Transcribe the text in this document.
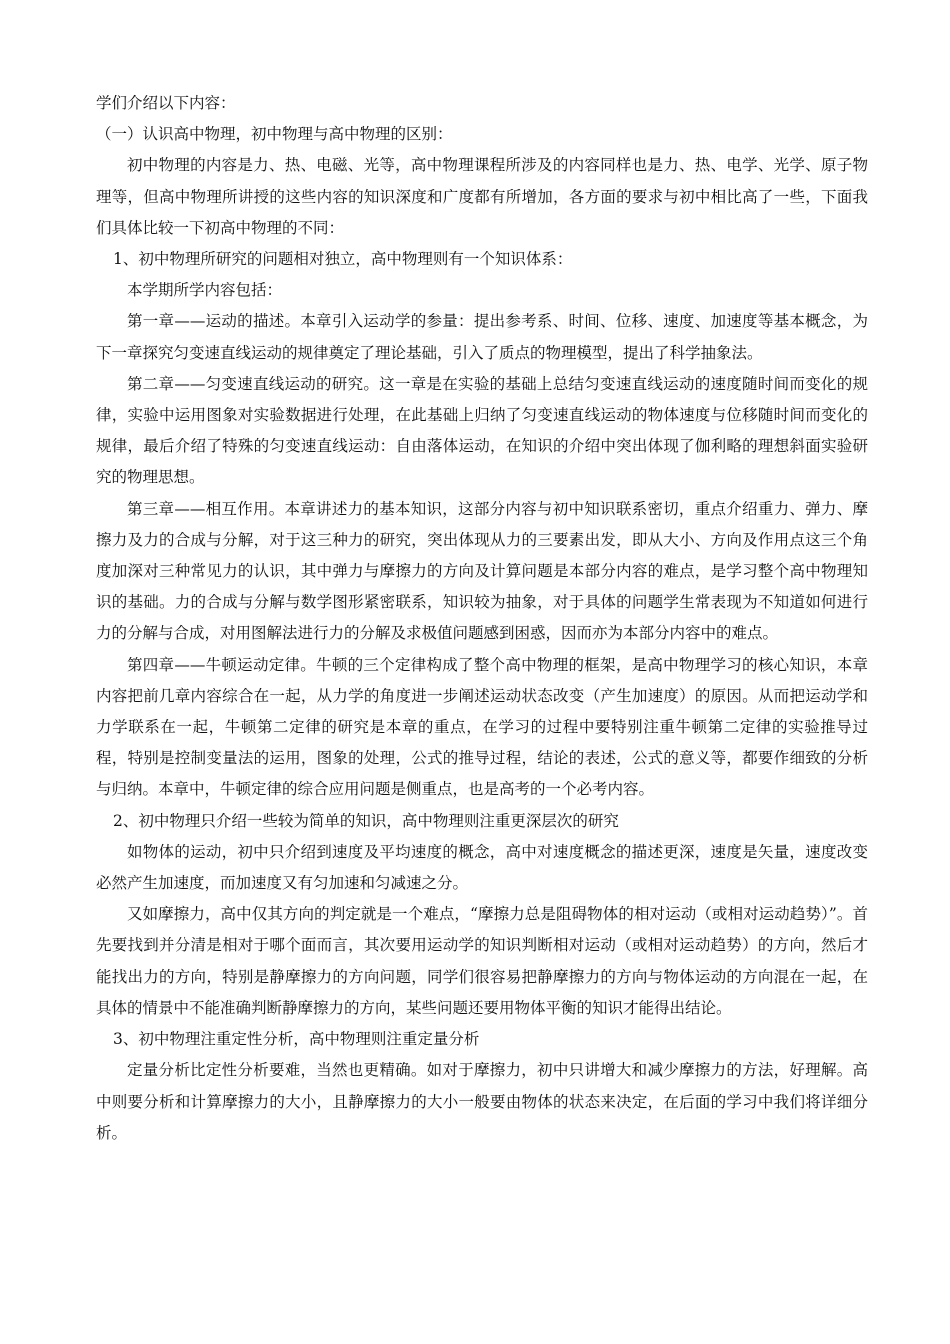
学们介绍以下内容：

（一）认识高中物理，初中物理与高中物理的区别：

初中物理的内容是力、热、电磁、光等，高中物理课程所涉及的内容同样也是力、热、电学、光学、原子物理等，但高中物理所讲授的这些内容的知识深度和广度都有所增加，各方面的要求与初中相比高了一些，下面我们具体比较一下初高中物理的不同：

1、初中物理所研究的问题相对独立，高中物理则有一个知识体系：

本学期所学内容包括：

第一章——运动的描述。本章引入运动学的参量：提出参考系、时间、位移、速度、加速度等基本概念，为下一章探究匀变速直线运动的规律奠定了理论基础，引入了质点的物理模型，提出了科学抽象法。

第二章——匀变速直线运动的研究。这一章是在实验的基础上总结匀变速直线运动的速度随时间而变化的规律，实验中运用图象对实验数据进行处理，在此基础上归纳了匀变速直线运动的物体速度与位移随时间而变化的规律，最后介绍了特殊的匀变速直线运动：自由落体运动，在知识的介绍中突出体现了伽利略的理想斜面实验研究的物理思想。

第三章——相互作用。本章讲述力的基本知识，这部分内容与初中知识联系密切，重点介绍重力、弹力、摩擦力及力的合成与分解，对于这三种力的研究，突出体现从力的三要素出发，即从大小、方向及作用点这三个角度加深对三种常见力的认识，其中弹力与摩擦力的方向及计算问题是本部分内容的难点，是学习整个高中物理知识的基础。力的合成与分解与数学图形紧密联系，知识较为抽象，对于具体的问题学生常表现为不知道如何进行力的分解与合成，对用图解法进行力的分解及求极值问题感到困惑，因而亦为本部分内容中的难点。

第四章——牛顿运动定律。牛顿的三个定律构成了整个高中物理的框架，是高中物理学习的核心知识，本章内容把前几章内容综合在一起，从力学的角度进一步阐述运动状态改变（产生加速度）的原因。从而把运动学和力学联系在一起，牛顿第二定律的研究是本章的重点，在学习的过程中要特别注重牛顿第二定律的实验推导过程，特别是控制变量法的运用，图象的处理，公式的推导过程，结论的表述，公式的意义等，都要作细致的分析与归纳。本章中，牛顿定律的综合应用问题是侧重点，也是高考的一个必考内容。

2、初中物理只介绍一些较为简单的知识，高中物理则注重更深层次的研究

如物体的运动，初中只介绍到速度及平均速度的概念，高中对速度概念的描述更深，速度是矢量，速度改变必然产生加速度，而加速度又有匀加速和匀减速之分。

又如摩擦力，高中仅其方向的判定就是一个难点，“摩擦力总是阻碍物体的相对运动（或相对运动趋势）”。首先要找到并分清是相对于哪个面而言，其次要用运动学的知识判断相对运动（或相对运动趋势）的方向，然后才能找出力的方向，特别是静摩擦力的方向问题，同学们很容易把静摩擦力的方向与物体运动的方向混在一起，在具体的情景中不能准确判断静摩擦力的方向，某些问题还要用物体平衡的知识才能得出结论。

3、初中物理注重定性分析，高中物理则注重定量分析

定量分析比定性分析要难，当然也更精确。如对于摩擦力，初中只讲增大和减少摩擦力的方法，好理解。高中则要分析和计算摩擦力的大小，且静摩擦力的大小一般要由物体的状态来决定，在后面的学习中我们将详细分析。
